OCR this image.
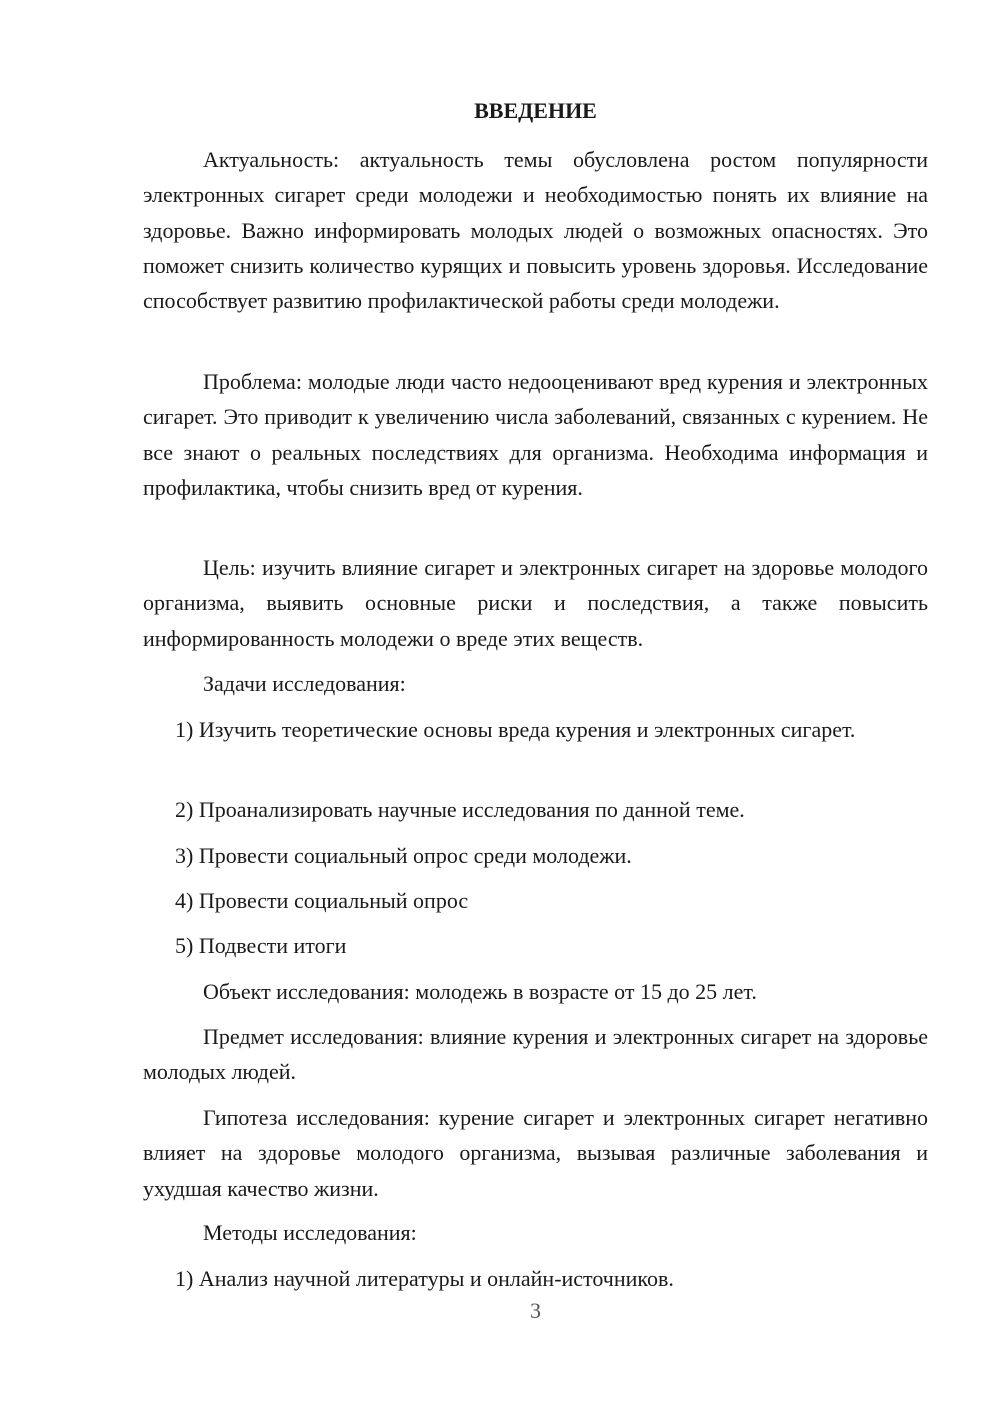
ВВЕДЕНИЕ

Актуальность: актуальность темы обусловлена ростом популярности электронных сигарет среди молодежи и необходимостью понять их влияние на здоровье. Важно информировать молодых людей о возможных опасностях. Это поможет снизить количество курящих и повысить уровень здоровья. Исследование способствует развитию профилактической работы среди молодежи.

Проблема: молодые люди часто недооценивают вред курения и электронных сигарет. Это приводит к увеличению числа заболеваний, связанных с курением. Не все знают о реальных последствиях для организма. Необходима информация и профилактика, чтобы снизить вред от курения.

Цель: изучить влияние сигарет и электронных сигарет на здоровье молодого организма, выявить основные риски и последствия, а также повысить информированность молодежи о вреде этих веществ.

Задачи исследования:

1) Изучить теоретические основы вреда курения и электронных сигарет.

2) Проанализировать научные исследования по данной теме.

3) Провести социальный опрос среди молодежи.

4) Провести социальный опрос

5) Подвести итоги

Объект исследования: молодежь в возрасте от 15 до 25 лет.

Предмет исследования: влияние курения и электронных сигарет на здоровье молодых людей.

Гипотеза исследования: курение сигарет и электронных сигарет негативно влияет на здоровье молодого организма, вызывая различные заболевания и ухудшая качество жизни.

Методы исследования:

1) Анализ научной литературы и онлайн-источников.

3
